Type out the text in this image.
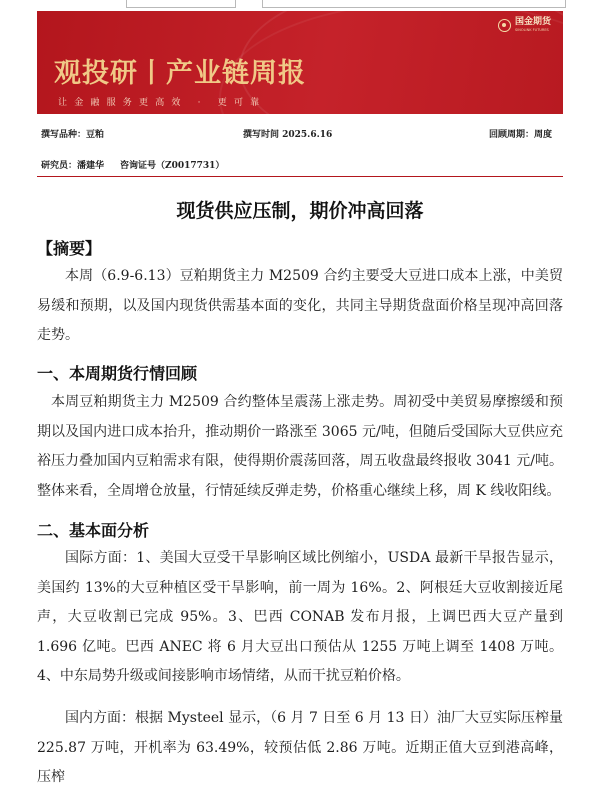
国金期货
SINOLINK FUTURES
观投研丨产业链周报
让金融服务更高效 · 更可靠
撰写品种：豆粕	撰写时间 2025.6.16	回顾周期：周度
研究员：潘建华 咨询证号（Z0017731）
现货供应压制，期价冲高回落
【摘要】
本周（6.9-6.13）豆粕期货主力 M2509 合约主要受大豆进口成本上涨，中美贸易缓和预期，以及国内现货供需基本面的变化，共同主导期货盘面价格呈现冲高回落走势。
一、本周期货行情回顾
本周豆粕期货主力 M2509 合约整体呈震荡上涨走势。周初受中美贸易摩擦缓和预期以及国内进口成本抬升，推动期价一路涨至 3065 元/吨，但随后受国际大豆供应充裕压力叠加国内豆粕需求有限，使得期价震荡回落，周五收盘最终报收 3041 元/吨。整体来看，全周增仓放量，行情延续反弹走势，价格重心继续上移，周 K 线收阳线。
二、基本面分析
国际方面：1、美国大豆受干旱影响区域比例缩小，USDA 最新干旱报告显示，美国约 13%的大豆种植区受干旱影响，前一周为 16%。2、阿根廷大豆收割接近尾声，大豆收割已完成 95%。3、巴西 CONAB 发布月报，上调巴西大豆产量到 1.696 亿吨。巴西 ANEC 将 6 月大豆出口预估从 1255 万吨上调至 1408 万吨。4、中东局势升级或间接影响市场情绪，从而干扰豆粕价格。
国内方面：根据 Mysteel 显示，（6 月 7 日至 6 月 13 日）油厂大豆实际压榨量 225.87 万吨，开机率为 63.49%，较预估低 2.86 万吨。近期正值大豆到港高峰，压榨
